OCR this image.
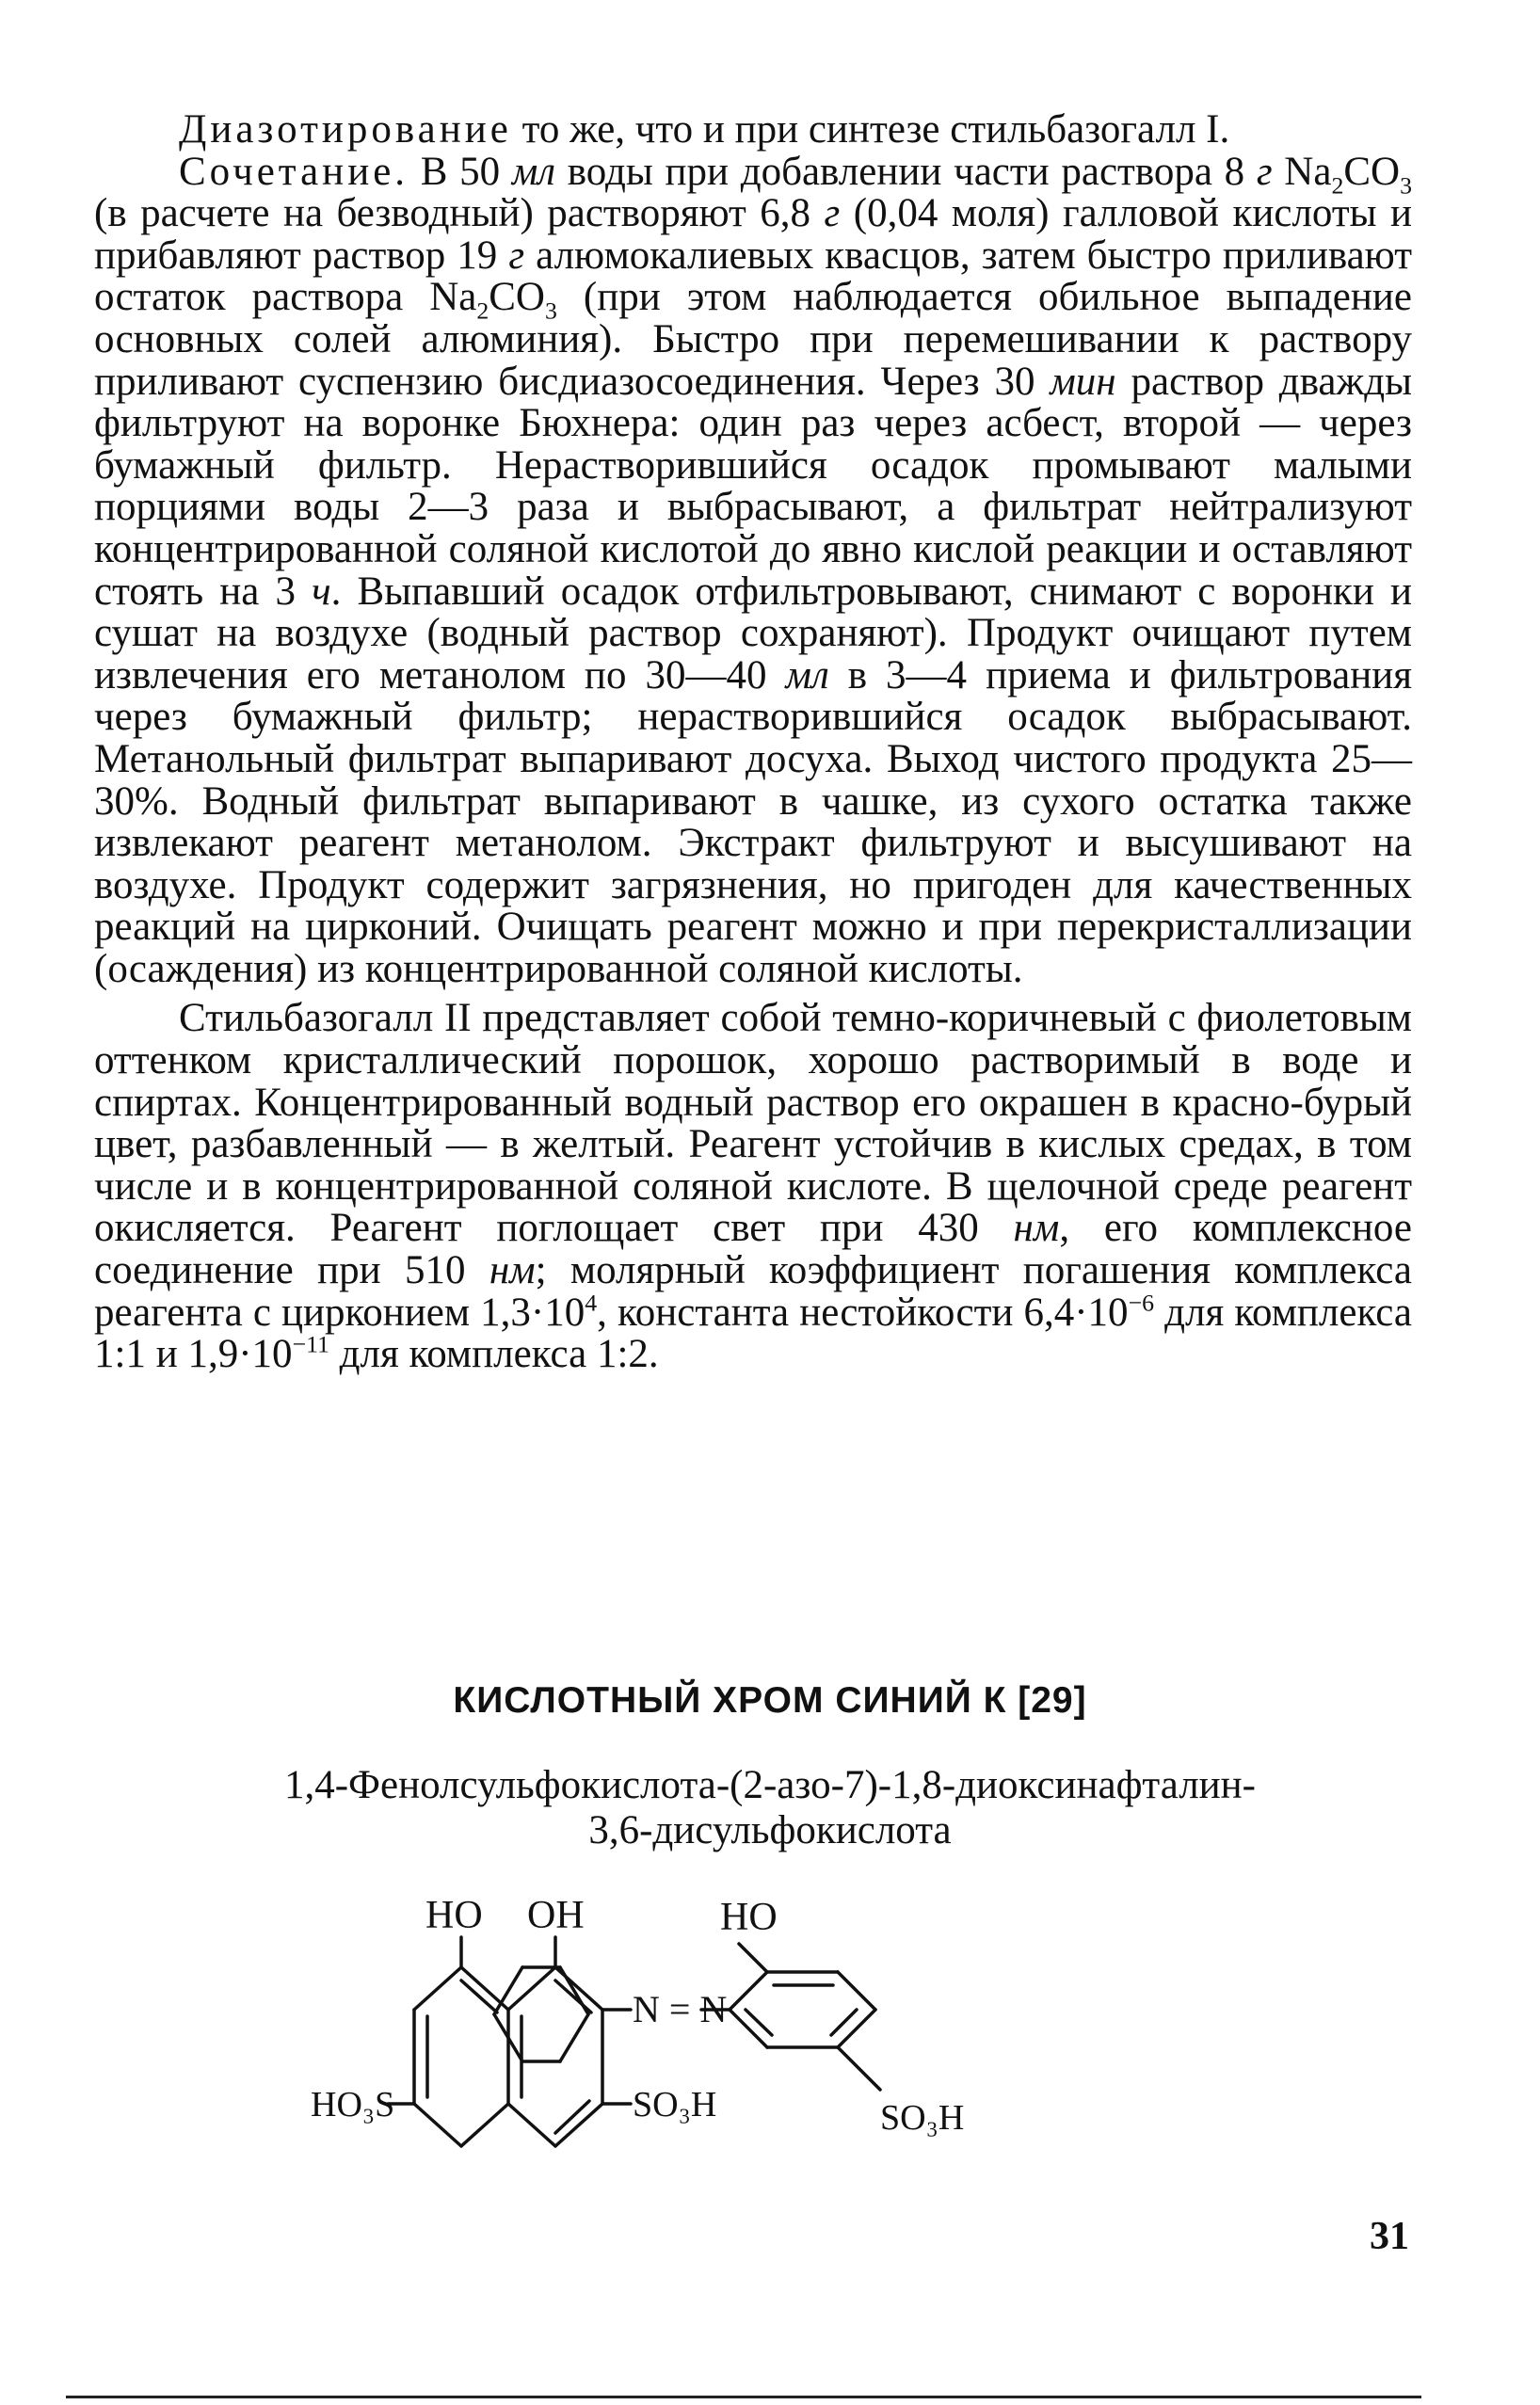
Диазотирование то же, что и при синтезе стильбазогалл I.

Сочетание. В 50 мл воды при добавлении части раствора 8 г $Na_2CO_3$ (в расчете на безводный) растворяют 6,8 г (0,04 моля) галловой кислоты и прибавляют раствор 19 г алюмокалиевых квасцов, затем быстро приливают остаток раствора $Na_2CO_3$ (при этом наблюдается обильное выпадение основных солей алюминия). Быстро при перемешивании к раствору приливают суспензию бисдиазосоединения. Через 30 мин раствор дважды фильтруют на воронке Бюхнера: один раз через асбест, второй — через бумажный фильтр. Нерастворившийся осадок промывают малыми порциями воды 2—3 раза и выбрасывают, а фильтрат нейтрализуют концентрированной соляной кислотой до явно кислой реакции и оставляют стоять на 3 ч. Выпавший осадок отфильтровывают, снимают с воронки и сушат на воздухе (водный раствор сохраняют). Продукт очищают путем извлечения его метанолом по 30—40 мл в 3—4 приема и фильтрования через бумажный фильтр; нерастворившийся осадок выбрасывают. Метанольный фильтрат выпаривают досуха. Выход чистого продукта 25—30%. Водный фильтрат выпаривают в чашке, из сухого остатка также извлекают реагент метанолом. Экстракт фильтруют и высушивают на воздухе. Продукт содержит загрязнения, но пригоден для качественных реакций на цирконий. Очищать реагент можно и при перекристаллизации (осаждения) из концентрированной соляной кислоты.

Стильбазогалл II представляет собой темно-коричневый с фиолетовым оттенком кристаллический порошок, хорошо растворимый в воде и спиртах. Концентрированный водный раствор его окрашен в красно-бурый цвет, разбавленный — в желтый. Реагент устойчив в кислых средах, в том числе и в концентрированной соляной кислоте. В щелочной среде реагент окисляется. Реагент поглощает свет при 430 нм, его комплексное соединение при 510 нм; молярный коэффициент погашения комплекса реагента с цирконием $1,3\cdot 10^4$, константа нестойкости $6,4\cdot 10^{-6}$ для комплекса 1:1 и $1,9\cdot 10^{-11}$ для комплекса 1:2.

КИСЛОТНЫЙ ХРОМ СИНИЙ К [29]
1,4-Фенолсульфокислота-(2-азо-7)-1,8-диоксинафталин-
3,6-дисульфокислота
HO OH	HO
N = N
HO₃S	SO₃H	SO₃H
31
